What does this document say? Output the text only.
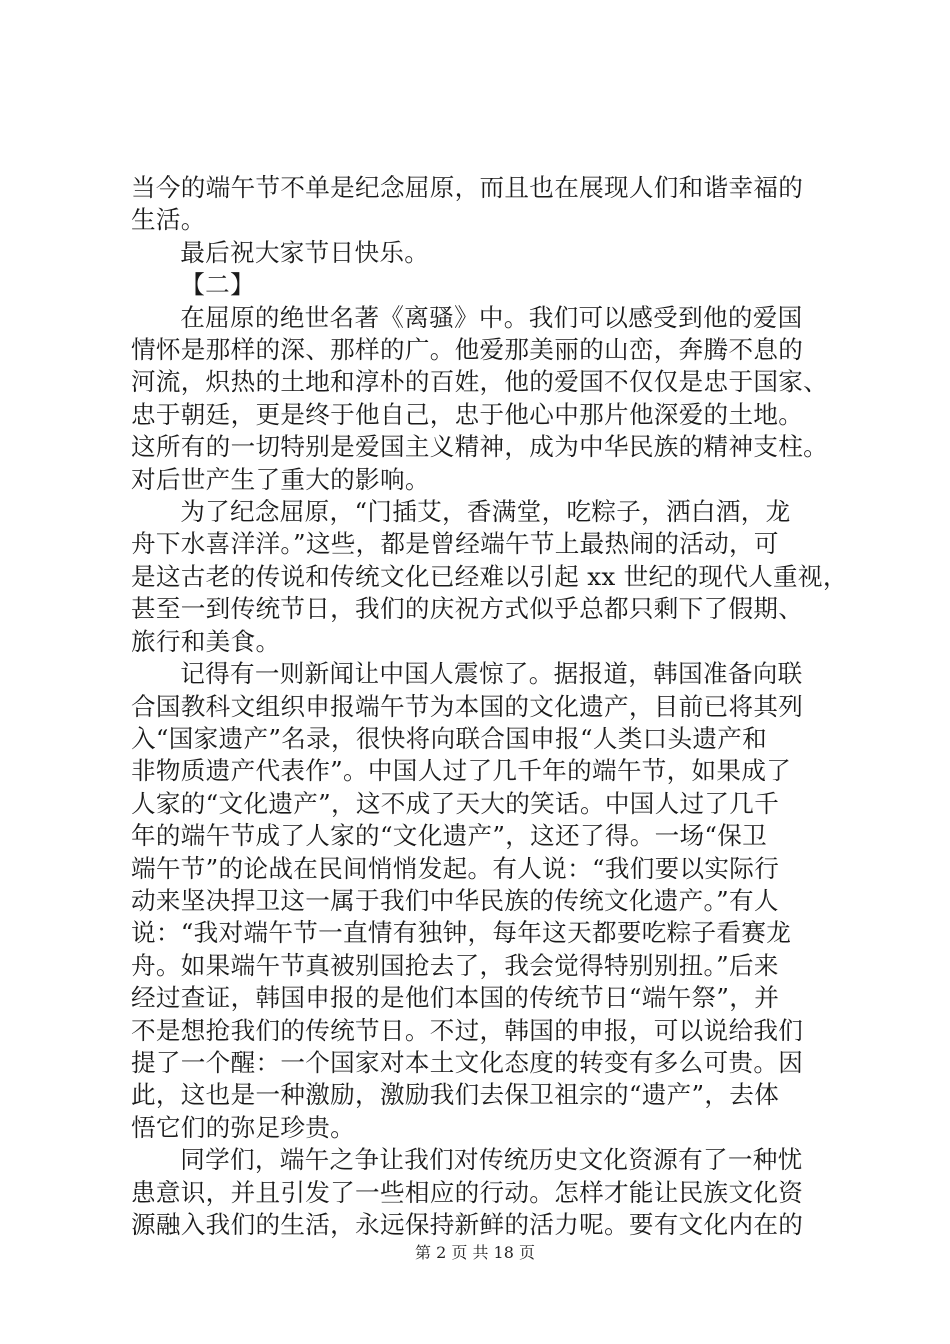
当今的端午节不单是纪念屈原，而且也在展现人们和谐幸福的
生活。
最后祝大家节日快乐。
【二】
在屈原的绝世名著《离骚》中。我们可以感受到他的爱国
情怀是那样的深、那样的广。他爱那美丽的山峦，奔腾不息的
河流，炽热的土地和淳朴的百姓，他的爱国不仅仅是忠于国家、
忠于朝廷，更是终于他自己，忠于他心中那片他深爱的土地。
这所有的一切特别是爱国主义精神，成为中华民族的精神支柱。
对后世产生了重大的影响。
为了纪念屈原，“门插艾，香满堂，吃粽子，洒白酒，龙
舟下水喜洋洋。”这些，都是曾经端午节上最热闹的活动，可
是这古老的传说和传统文化已经难以引起 xx 世纪的现代人重视，
甚至一到传统节日，我们的庆祝方式似乎总都只剩下了假期、
旅行和美食。
记得有一则新闻让中国人震惊了。据报道，韩国准备向联
合国教科文组织申报端午节为本国的文化遗产，目前已将其列
入“国家遗产”名录，很快将向联合国申报“人类口头遗产和
非物质遗产代表作”。中国人过了几千年的端午节，如果成了
人家的“文化遗产”，这不成了天大的笑话。中国人过了几千
年的端午节成了人家的“文化遗产”，这还了得。一场“保卫
端午节”的论战在民间悄悄发起。有人说：“我们要以实际行
动来坚决捍卫这一属于我们中华民族的传统文化遗产。”有人
说：“我对端午节一直情有独钟，每年这天都要吃粽子看赛龙
舟。如果端午节真被别国抢去了，我会觉得特别别扭。”后来
经过查证，韩国申报的是他们本国的传统节日“端午祭”，并
不是想抢我们的传统节日。不过，韩国的申报，可以说给我们
提了一个醒：一个国家对本土文化态度的转变有多么可贵。因
此，这也是一种激励，激励我们去保卫祖宗的“遗产”，去体
悟它们的弥足珍贵。
同学们，端午之争让我们对传统历史文化资源有了一种忧
患意识，并且引发了一些相应的行动。怎样才能让民族文化资
源融入我们的生活，永远保持新鲜的活力呢。要有文化内在的
第 2 页 共 18 页
